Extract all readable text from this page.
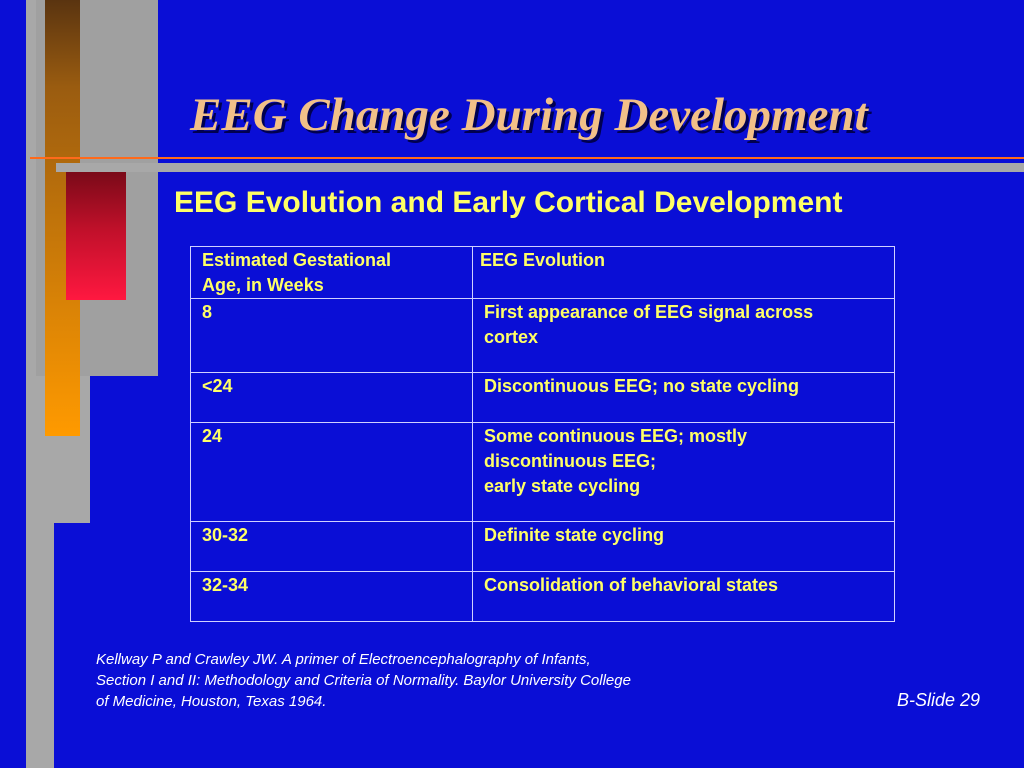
EEG Change During Development
EEG Evolution and Early Cortical Development
Estimated Gestational
Age, in Weeks	EEG Evolution

8	First appearance of EEG signal across
cortex

<24	Discontinuous EEG; no state cycling

24	Some continuous EEG; mostly
discontinuous EEG;
early state cycling

30-32	Definite state cycling

32-34	Consolidation of behavioral states
Kellway P and Crawley JW. A primer of Electroencephalography of Infants,
Section I and II: Methodology and Criteria of Normality. Baylor University College
of Medicine, Houston, Texas 1964.	B-Slide 29
